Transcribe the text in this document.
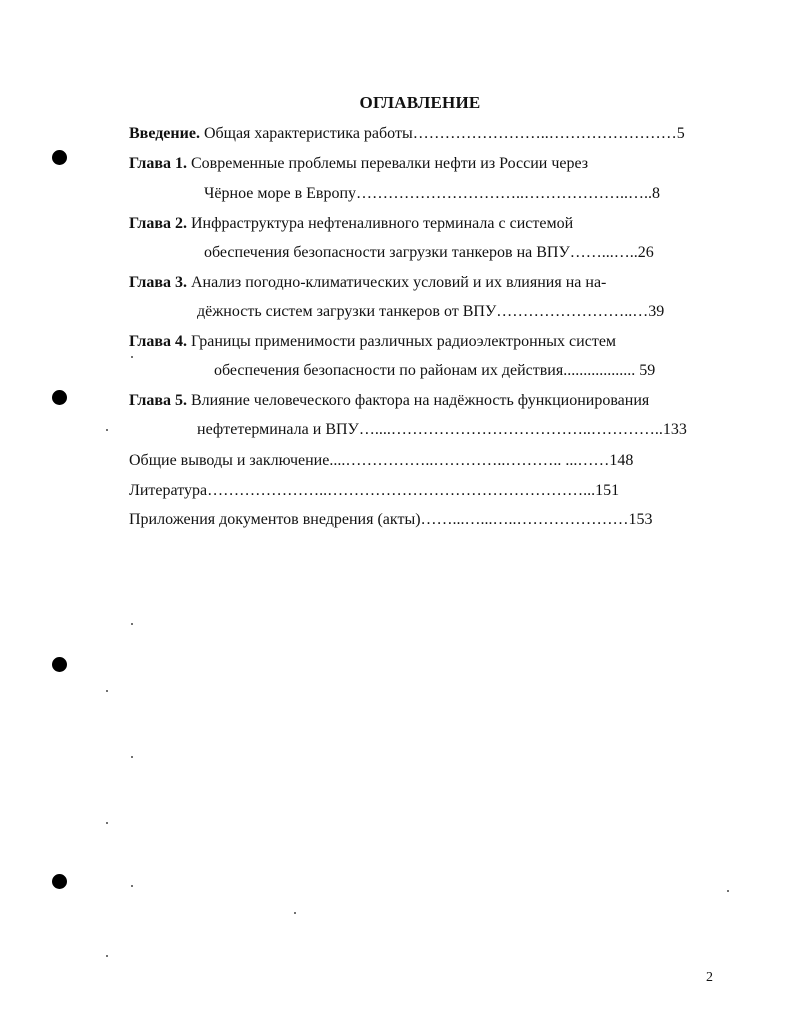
ОГЛАВЛЕНИЕ
Введение. Общая характеристика работы……………………..……………………5
Глава 1. Современные проблемы перевалки нефти из России через
Чёрное море в Европу…………………………..………………..…..8
Глава 2. Инфраструктура нефтеналивного терминала с системой
обеспечения безопасности загрузки танкеров на ВПУ……...…..26
Глава 3. Анализ погодно-климатических условий и их влияния на на-
дёжность систем загрузки танкеров от ВПУ……………………..…39
Глава 4. Границы применимости различных радиоэлектронных систем
обеспечения безопасности по районам их действия.................. 59
Глава 5. Влияние человеческого фактора на надёжность функционирования
нефтетерминала и ВПУ…....………………………………..…………..133
Общие выводы и заключение....……………..…………..……….. ...……148
Литература…………………..…………………………………………...151
Приложения документов внедрения (акты)……...…...…..…………………153
2
